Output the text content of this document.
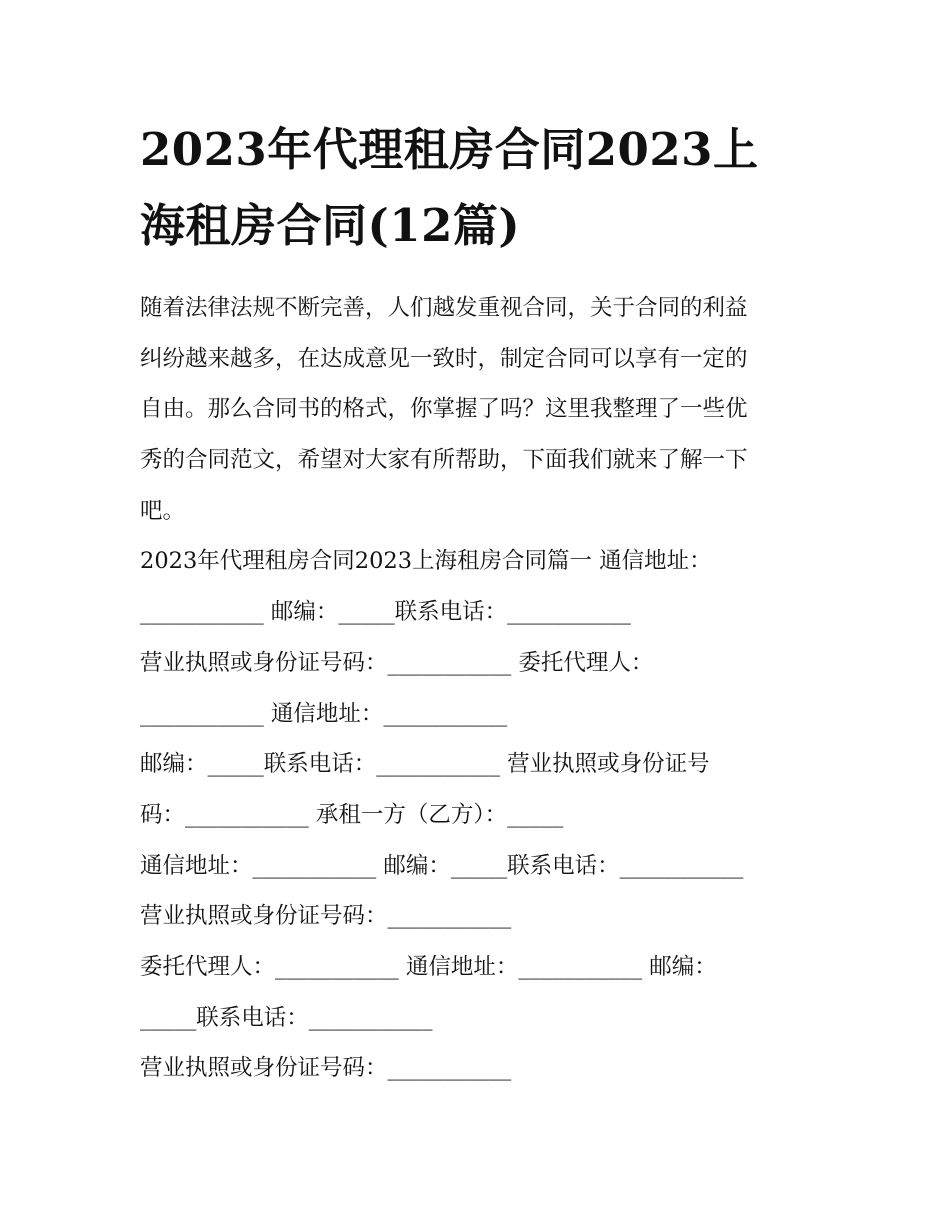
2023年代理租房合同2023上
海租房合同(12篇)
随着法律法规不断完善，人们越发重视合同，关于合同的利益
纠纷越来越多，在达成意见一致时，制定合同可以享有一定的
自由。那么合同书的格式，你掌握了吗？这里我整理了一些优
秀的合同范文，希望对大家有所帮助，下面我们就来了解一下
吧。
2023年代理租房合同2023上海租房合同篇一 通信地址：
___________ 邮编：_____联系电话：___________
营业执照或身份证号码：___________ 委托代理人：
___________ 通信地址：___________
邮编：_____联系电话：___________ 营业执照或身份证号
码：___________ 承租一方（乙方）：_____
通信地址：___________ 邮编：_____联系电话：___________
营业执照或身份证号码：___________
委托代理人：___________ 通信地址：___________ 邮编：
_____联系电话：___________
营业执照或身份证号码：___________
